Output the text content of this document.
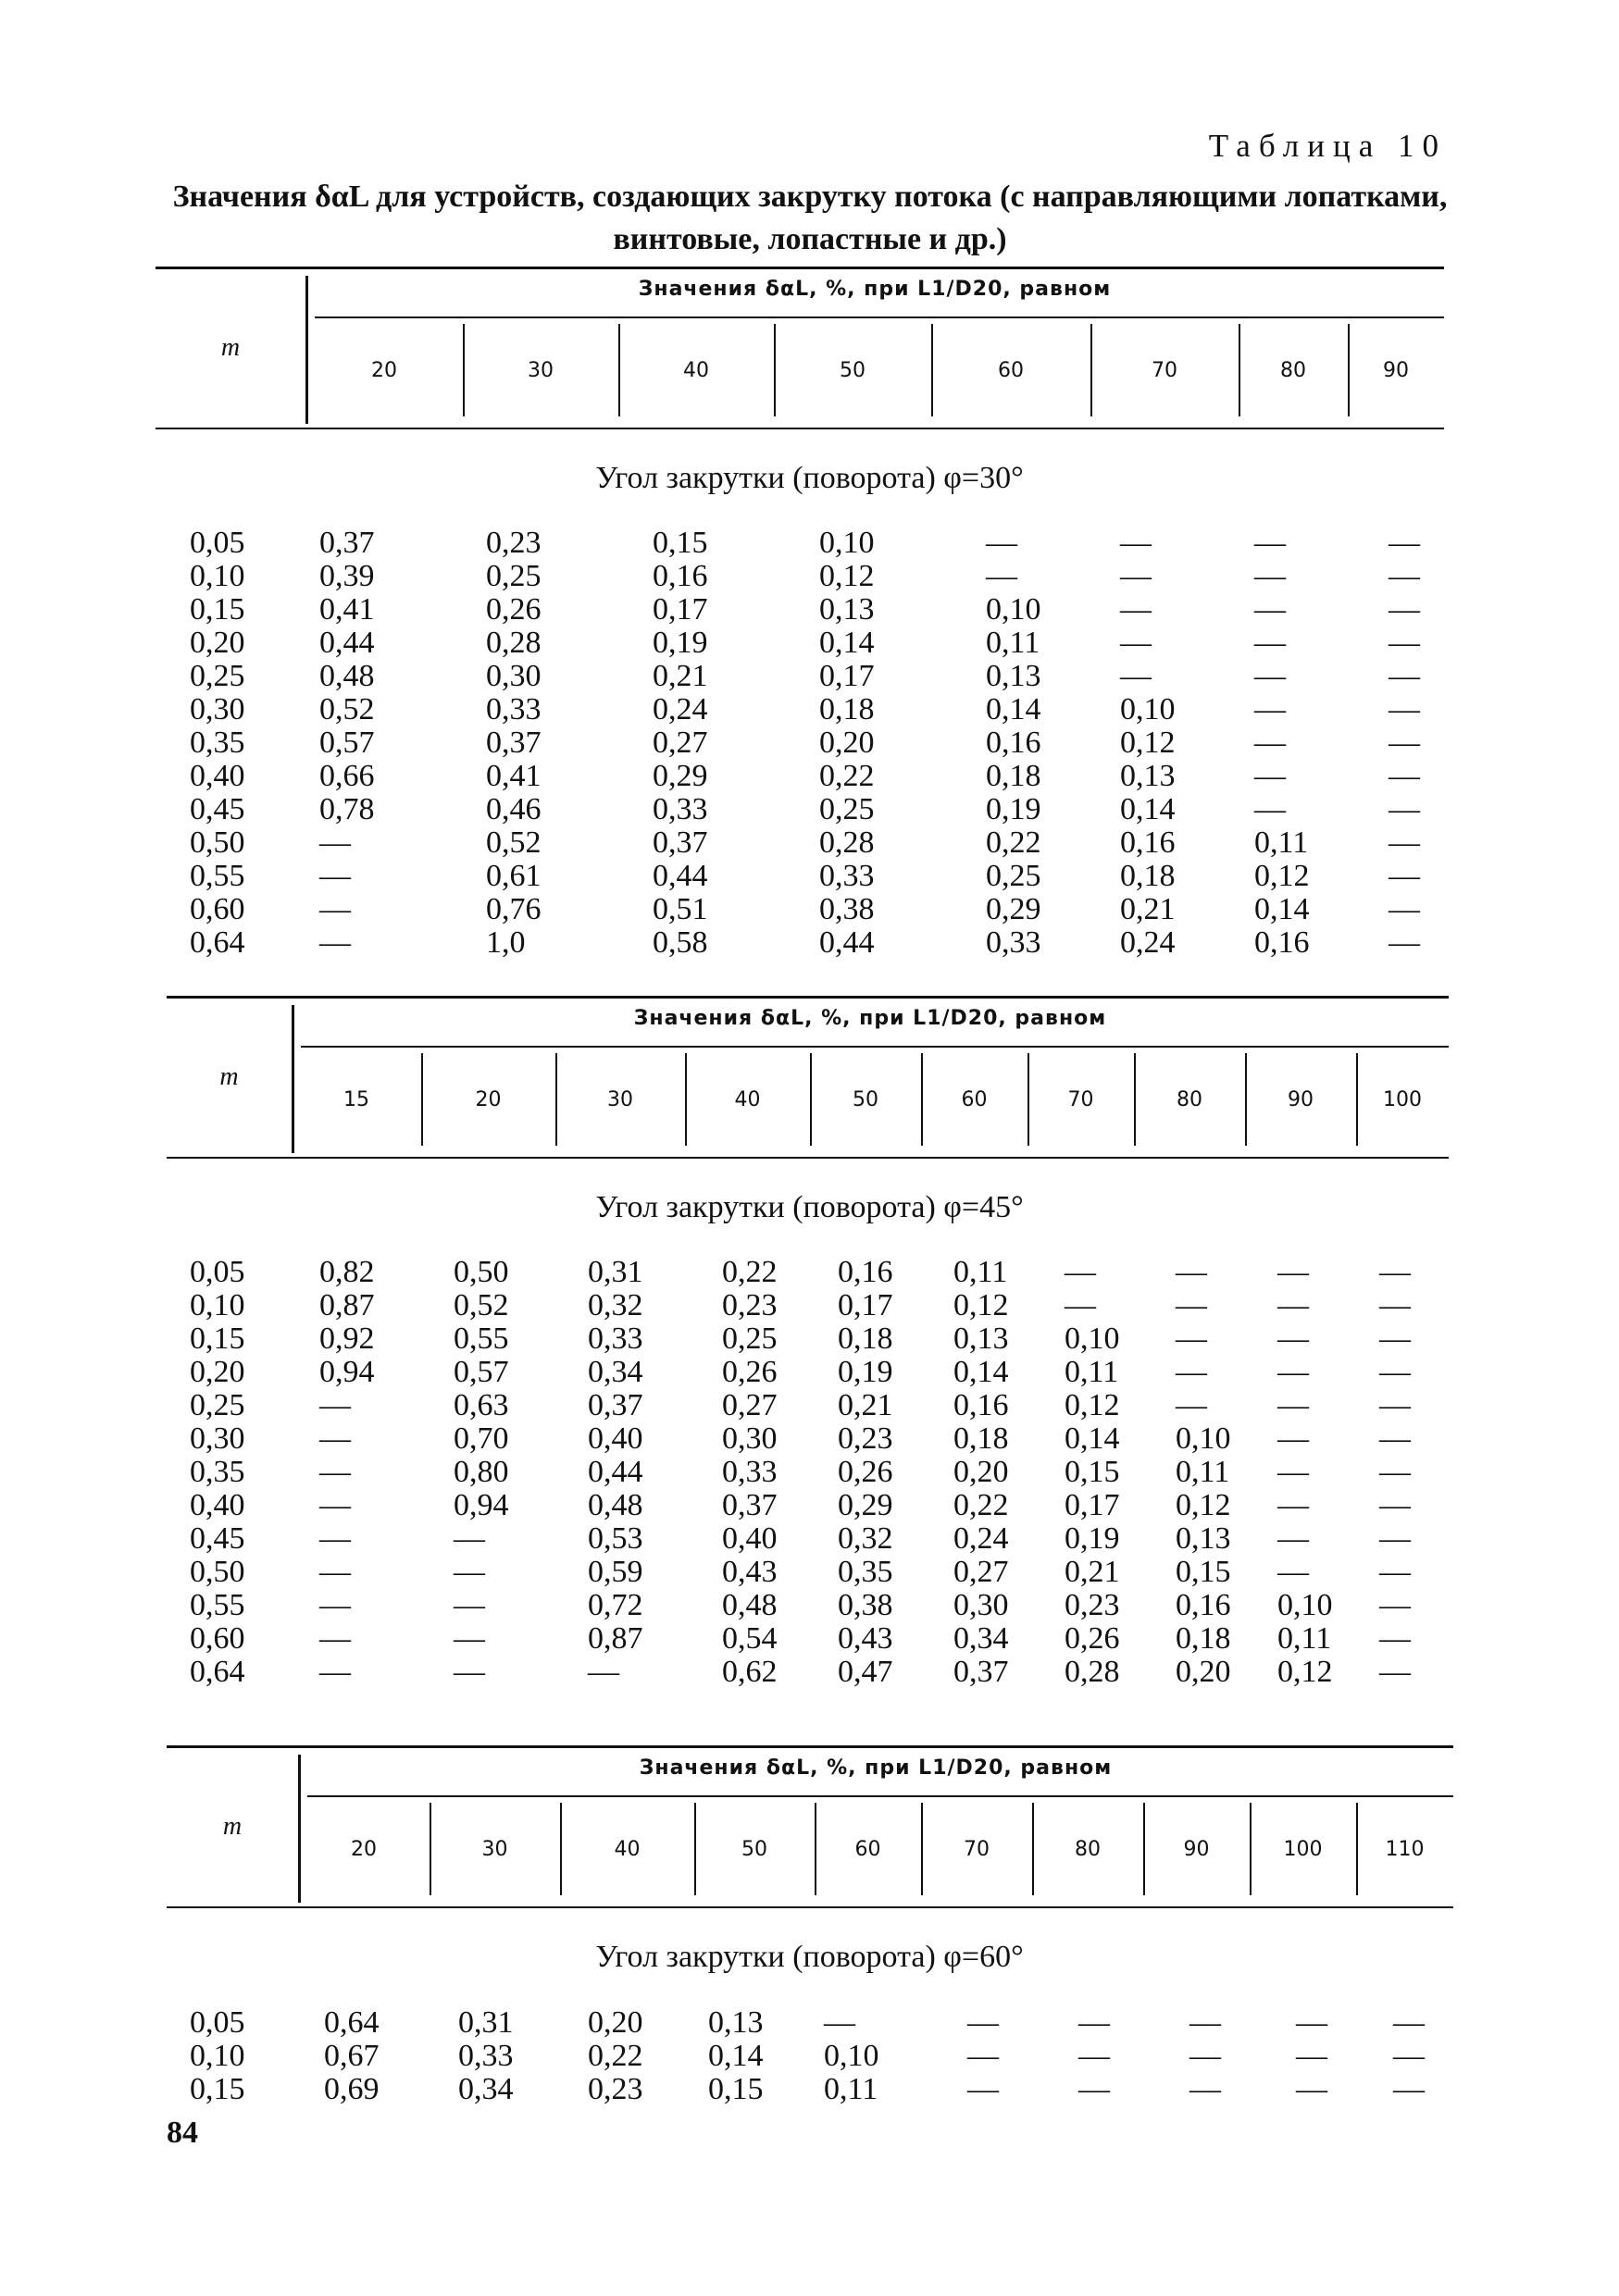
Таблица 10
Значения δαL для устройств, создающих закрутку потока (с направляющими лопатками, винтовые, лопастные и др.)
m
Значения δαL, %, при L1/D20, равном
20	30	40	50	60	70	80	90
Угол закрутки (поворота) φ=30°
0,05 0,37	0,23	0,15	0,10	—	—	—	—
0,10 0,39	0,25	0,16	0,12	—	—	—	—
0,15 0,41	0,26	0,17	0,13	0,10	—	—	—
0,20 0,44	0,28	0,19	0,14	0,11	—	—	—
0,25 0,48	0,30	0,21	0,17	0,13	—	—	—
0,30 0,52	0,33	0,24	0,18	0,14	0,10	—	—
0,35 0,57	0,37	0,27	0,20	0,16	0,12	—	—
0,40 0,66	0,41	0,29	0,22	0,18	0,13	—	—
0,45 0,78	0,46	0,33	0,25	0,19	0,14	—	—
0,50 —	0,52	0,37	0,28	0,22	0,16	0,11	—
0,55 —	0,61	0,44	0,33	0,25	0,18	0,12	—
0,60 —	0,76	0,51	0,38	0,29	0,21	0,14	—
0,64 —	1,0	0,58	0,44	0,33	0,24	0,16	—
m
Значения δαL, %, при L1/D20, равном
15	20	30	40	50	60	70	80	90	100
Угол закрутки (поворота) φ=45°
0,05 0,82	0,50	0,31	0,22 0,16 0,11 —	— — —
0,10 0,87	0,52	0,32	0,23 0,17 0,12 —	— — —
0,15 0,92	0,55	0,33	0,25 0,18 0,13 0,10 — — —
0,20 0,94	0,57	0,34	0,26 0,19 0,14 0,11 — — —
0,25 —	0,63	0,37	0,27 0,21 0,16 0,12 — — —
0,30 —	0,70	0,40	0,30 0,23 0,18 0,14 0,10 — —
0,35 —	0,80	0,44	0,33 0,26 0,20 0,15 0,11 — —
0,40 —	0,94	0,48	0,37 0,29 0,22 0,17 0,12 — —
0,45 —	—	0,53	0,40 0,32 0,24 0,19 0,13 — —
0,50 —	—	0,59	0,43 0,35 0,27 0,21 0,15 — —
0,55 —	—	0,72	0,48 0,38 0,30 0,23 0,16 0,10 —
0,60 —	—	0,87	0,54 0,43 0,34 0,26 0,18 0,11 —
0,64 —	—	—	0,62 0,47 0,37 0,28 0,20 0,12 —
m
Значения δαL, %, при L1/D20, равном
20	30	40	50	60	70	80	90	100	110
Угол закрутки (поворота) φ=60°
0,05	0,64	0,31 0,20 0,13 —	—	—	— — —
0,10	0,67	0,33 0,22 0,14 0,10	—	—	— — —
0,15	0,69	0,34 0,23 0,15 0,11	—	—	— — —
84
